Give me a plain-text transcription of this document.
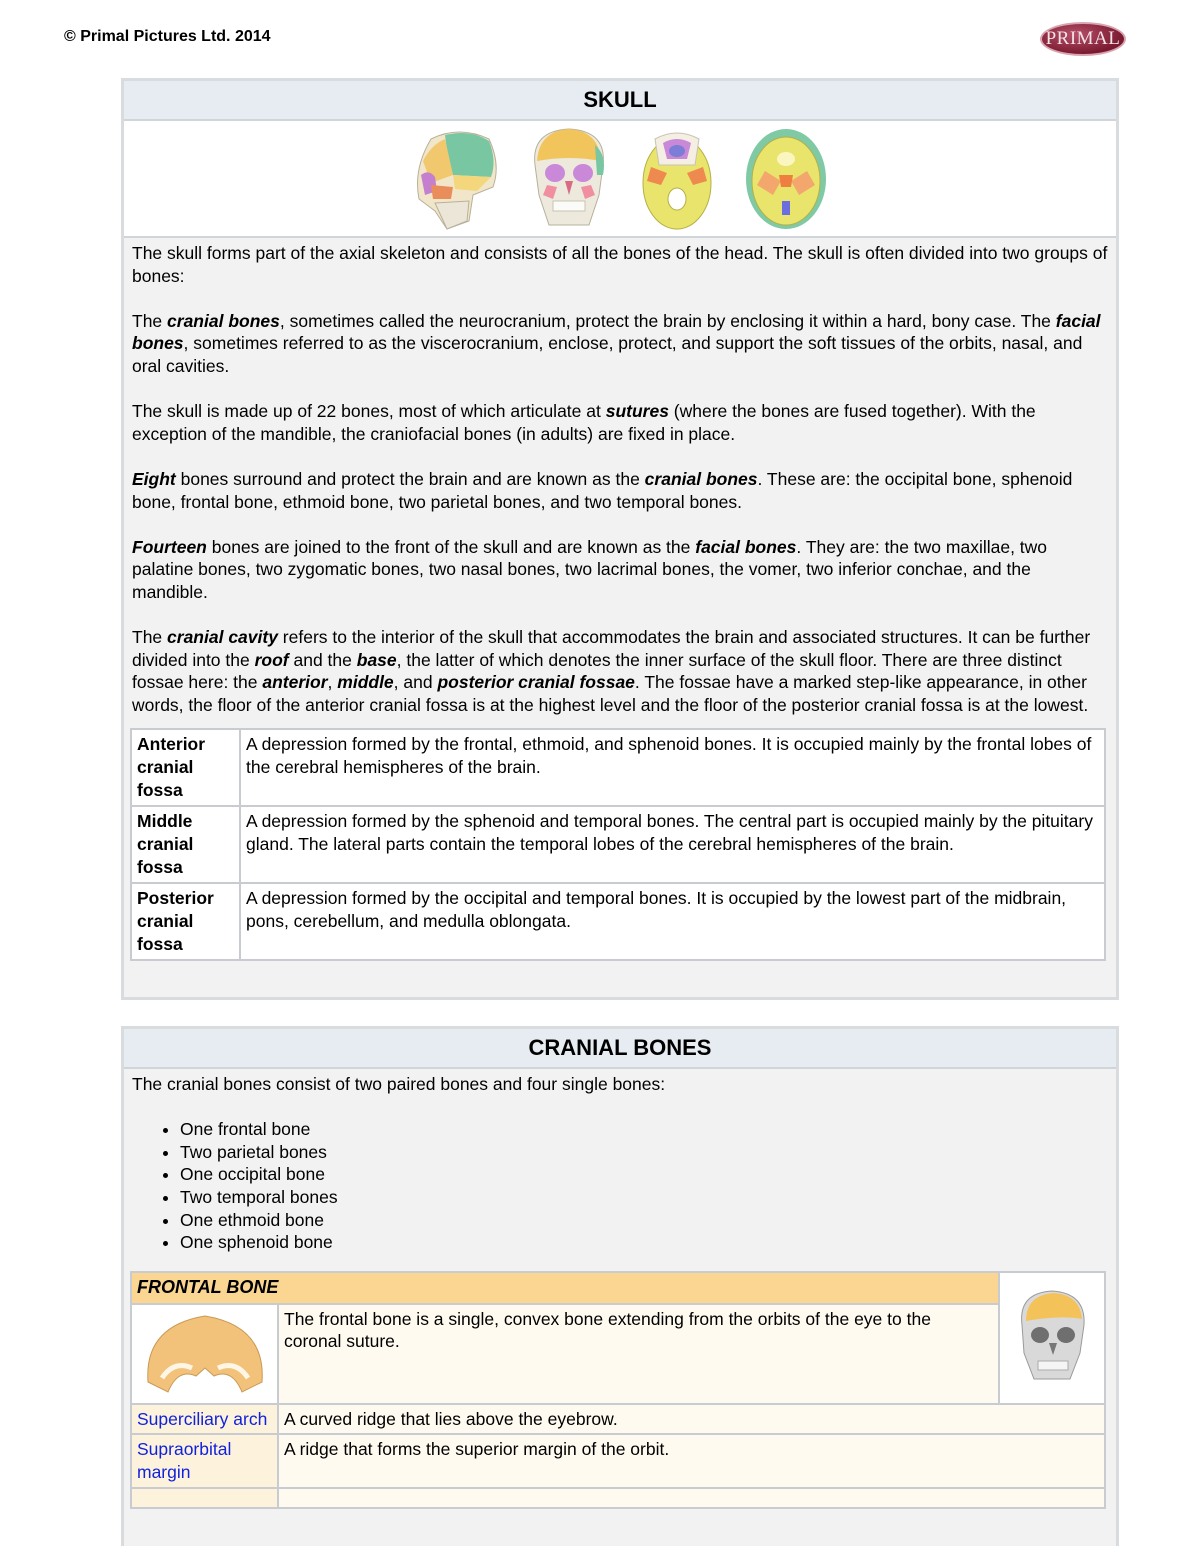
© Primal Pictures Ltd. 2014	PRIMAL
SKULL

The skull forms part of the axial skeleton and consists of all the bones of the head. The skull is often divided into two groups of bones:

The cranial bones, sometimes called the neurocranium, protect the brain by enclosing it within a hard, bony case. The facial bones, sometimes referred to as the viscerocranium, enclose, protect, and support the soft tissues of the orbits, nasal, and oral cavities.

The skull is made up of 22 bones, most of which articulate at sutures (where the bones are fused together). With the exception of the mandible, the craniofacial bones (in adults) are fixed in place.

Eight bones surround and protect the brain and are known as the cranial bones. These are: the occipital bone, sphenoid bone, frontal bone, ethmoid bone, two parietal bones, and two temporal bones.

Fourteen bones are joined to the front of the skull and are known as the facial bones. They are: the two maxillae, two palatine bones, two zygomatic bones, two nasal bones, two lacrimal bones, the vomer, two inferior conchae, and the mandible.

The cranial cavity refers to the interior of the skull that accommodates the brain and associated structures. It can be further divided into the roof and the base, the latter of which denotes the inner surface of the skull floor. There are three distinct fossae here: the anterior, middle, and posterior cranial fossae. The fossae have a marked step-like appearance, in other words, the floor of the anterior cranial fossa is at the highest level and the floor of the posterior cranial fossa is at the lowest.

Anterior cranial fossa	A depression formed by the frontal, ethmoid, and sphenoid bones. It is occupied mainly by the frontal lobes of the cerebral hemispheres of the brain.
Middle cranial fossa	A depression formed by the sphenoid and temporal bones. The central part is occupied mainly by the pituitary gland. The lateral parts contain the temporal lobes of the cerebral hemispheres of the brain.
Posterior cranial fossa	A depression formed by the occipital and temporal bones. It is occupied by the lowest part of the midbrain, pons, cerebellum, and medulla oblongata.
CRANIAL BONES

The cranial bones consist of two paired bones and four single bones:

• One frontal bone
• Two parietal bones
• One occipital bone
• Two temporal bones
• One ethmoid bone
• One sphenoid bone
FRONTAL BONE	
	The frontal bone is a single, convex bone extending from the orbits of the eye to the coronal suture.	
Superciliary arch	A curved ridge that lies above the eyebrow.	
Supraorbital margin	A ridge that forms the superior margin of the orbit.	
